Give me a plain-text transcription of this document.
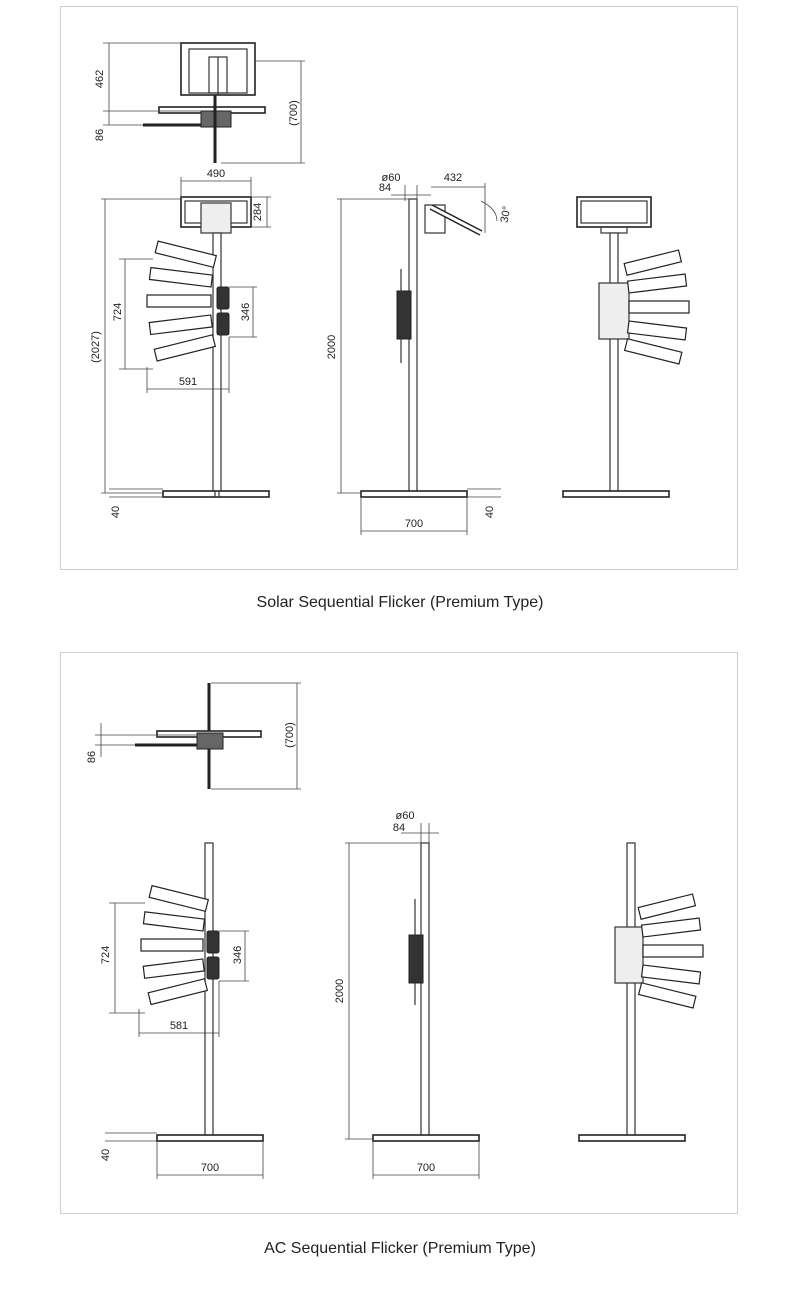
462
86
(700)
490
284
724
(2027)
346
591
40
ø60
84
432
30°
2000
700
40
Solar Sequential Flicker (Premium Type)
86
(700)
724	346
581
40
700
ø60
84
2000
700
AC Sequential Flicker (Premium Type)
